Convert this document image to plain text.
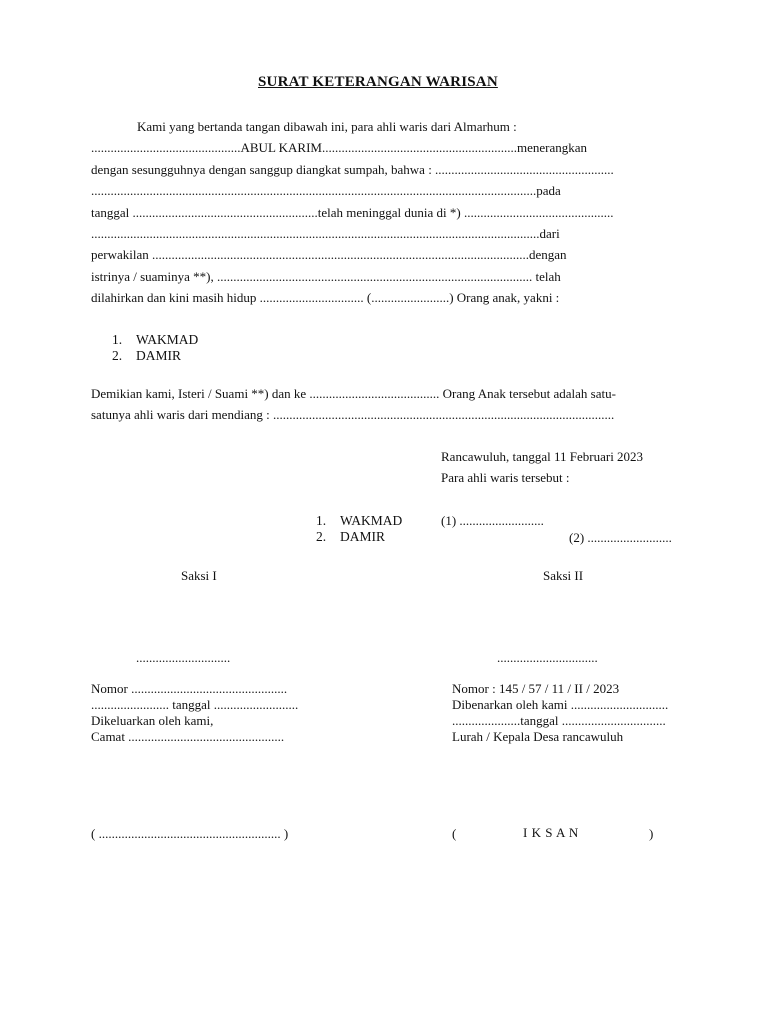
SURAT KETERANGAN WARISAN
Kami yang bertanda tangan dibawah ini, para ahli waris dari Almarhum :
..............................................ABUL KARIM............................................................menerangkan
dengan sesungguhnya dengan sanggup diangkat sumpah, bahwa : .......................................................
.........................................................................................................................................pada
tanggal .........................................................telah meninggal dunia di *) ..............................................
..........................................................................................................................................dari
perwakilan ....................................................................................................................dengan
istrinya / suaminya **), ................................................................................................. telah
dilahirkan dan kini masih hidup ................................ (........................) Orang anak, yakni :
1. WAKMAD
2. DAMIR
Demikian kami, Isteri / Suami **) dan ke ........................................ Orang Anak tersebut adalah satu-
satunya ahli waris dari mendiang : .........................................................................................................
Rancawuluh, tanggal 11 Februari 2023
Para ahli waris tersebut :
1. WAKMAD	(1) ..........................
2. DAMIR	(2) ..........................
Saksi I	Saksi II
.............................	...............................
Nomor ................................................
........................ tanggal ..........................
Dikeluarkan oleh kami,
Camat ................................................
Nomor : 145 / 57 / 11 / II / 2023
Dibenarkan oleh kami ..............................
.....................tanggal ................................
Lurah / Kepala Desa rancawuluh
( ........................................................ )	(	I K S A N	)
